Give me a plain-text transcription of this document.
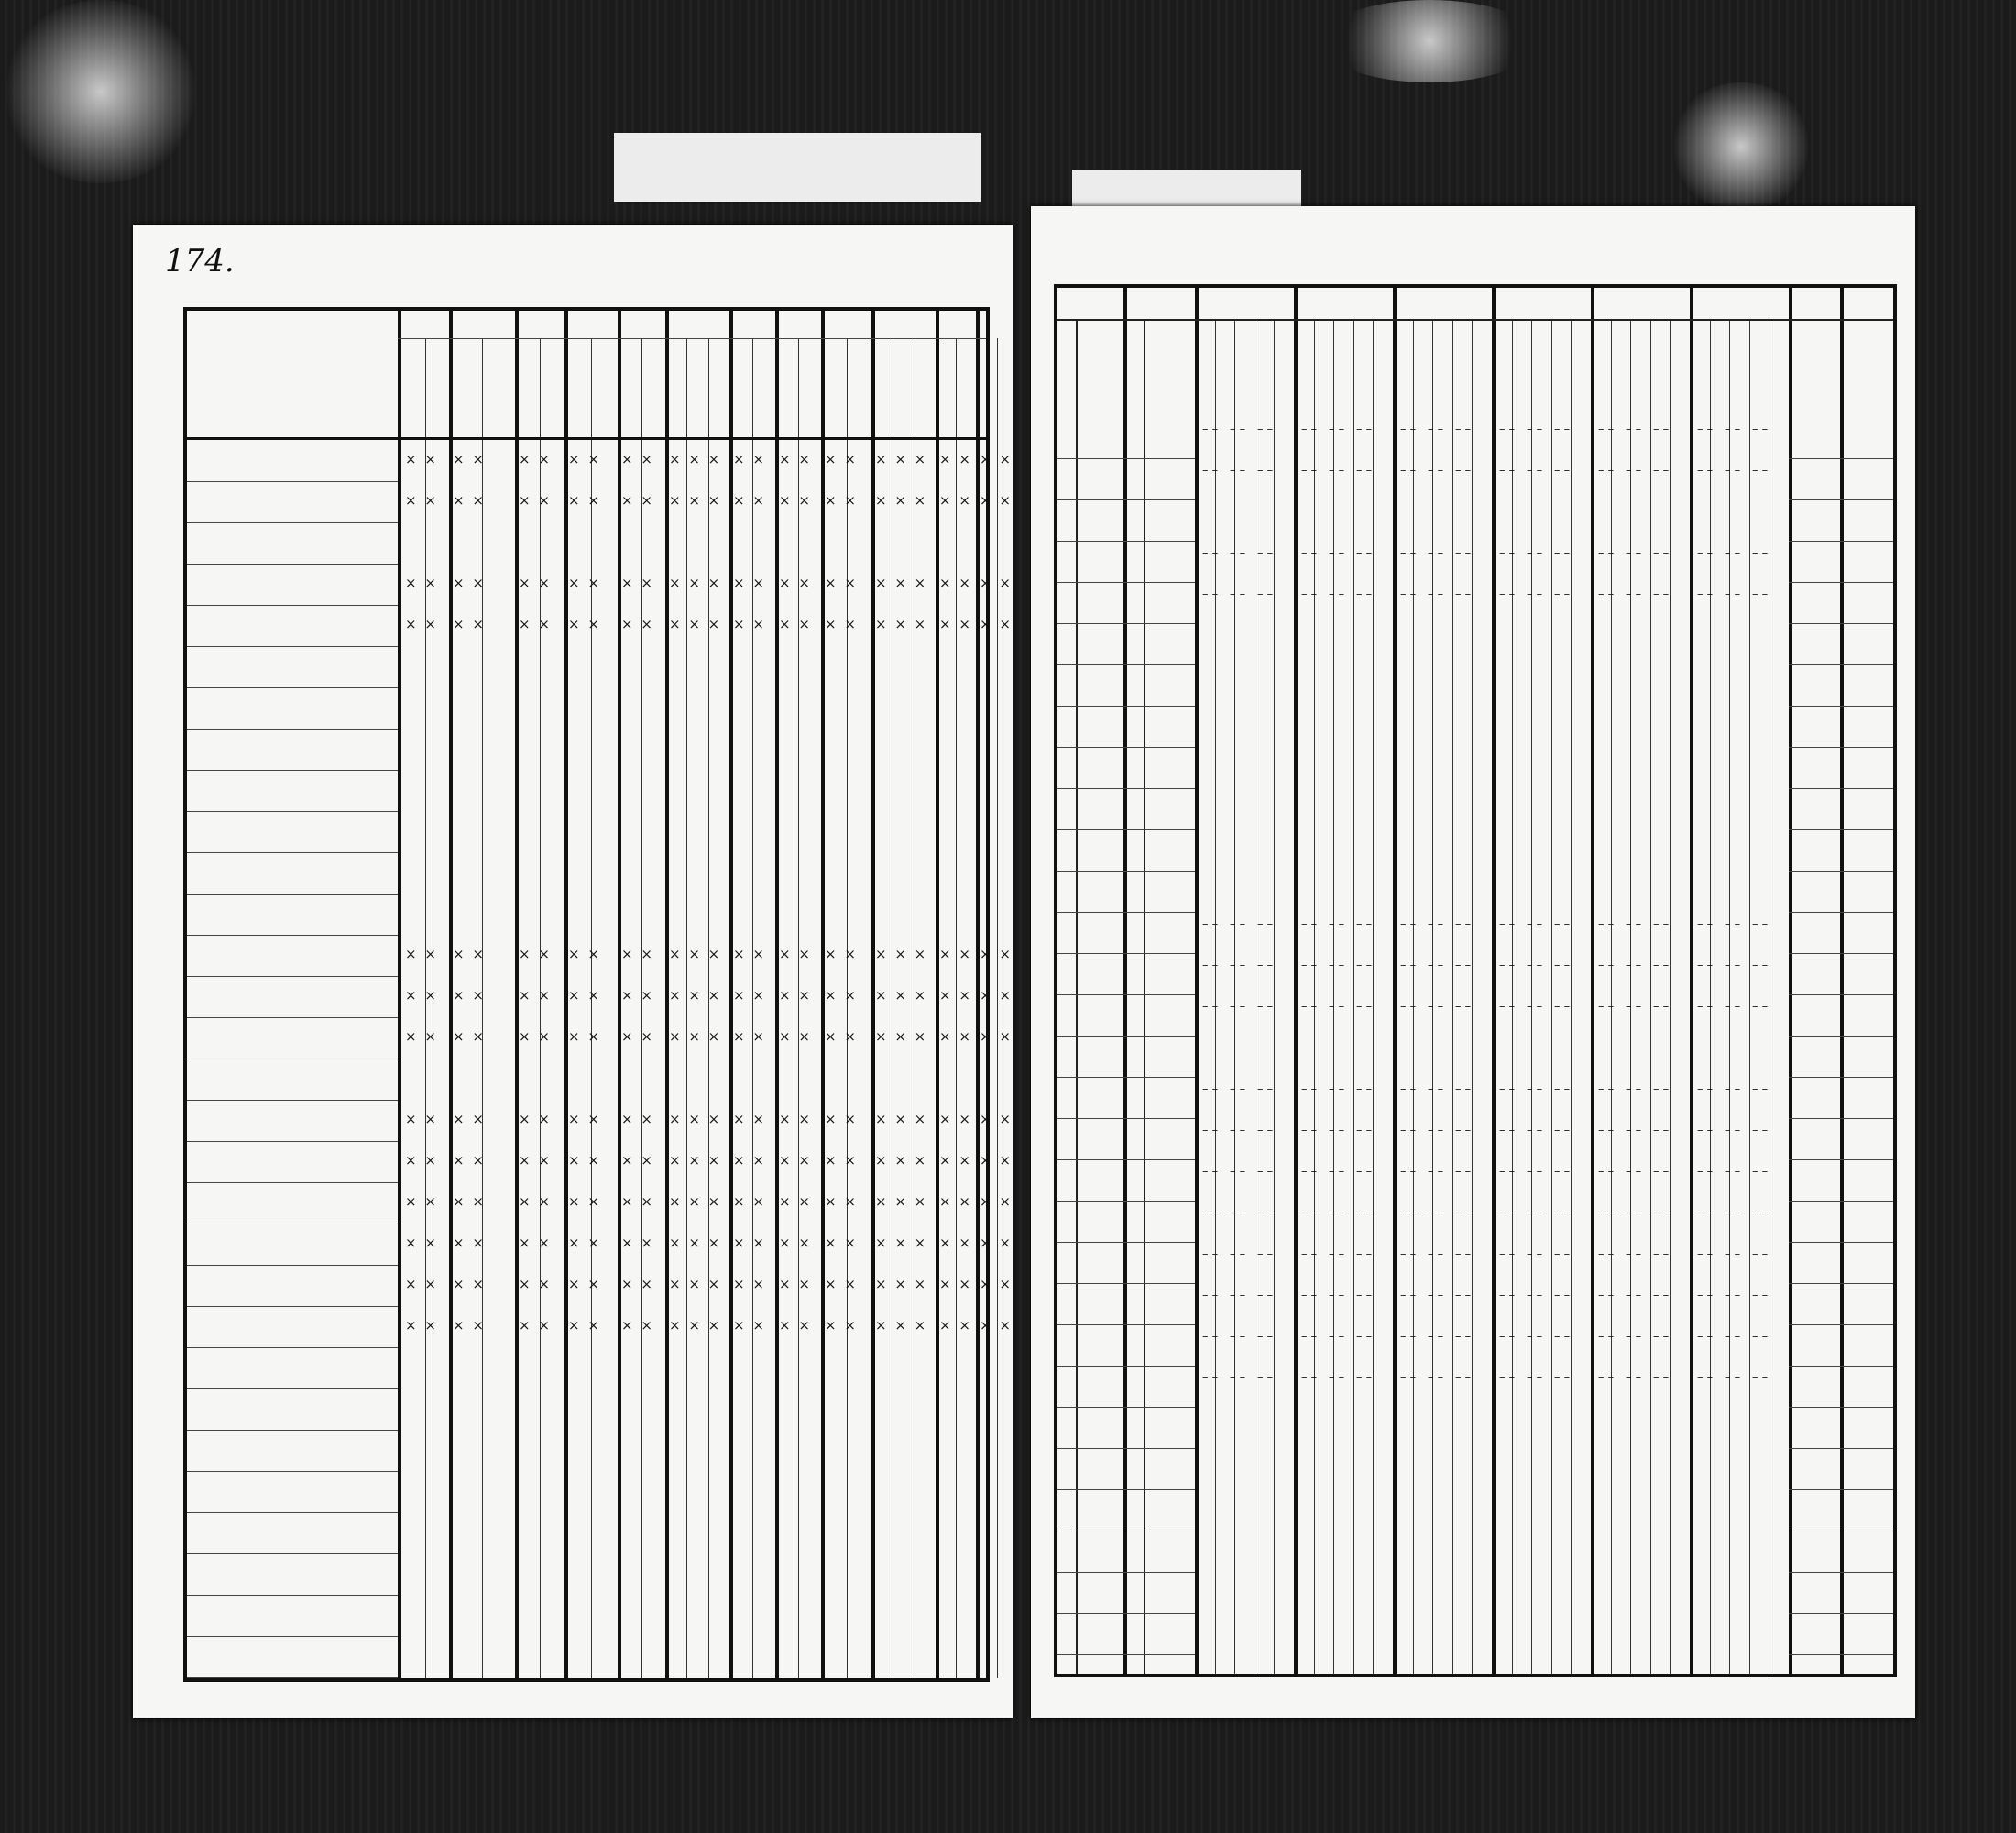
174.
× × × × × × × × × × × × × × × × × × × × × × × × × ×
× × × × × × × × × × × × × × × × × × × × × × × × × ×
× × × × × × × × × × × × × × × × × × × × × × × × × ×
× × × × × × × × × × × × × × × × × × × × × × × × × ×
× × × × × × × × × × × × × × × × × × × × × × × × × ×
× × × × × × × × × × × × × × × × × × × × × × × × × ×
× × × × × × × × × × × × × × × × × × × × × × × × × ×
× × × × × × × × × × × × × × × × × × × × × × × × × ×
× × × × × × × × × × × × × × × × × × × × × × × × × ×
× × × × × × × × × × × × × × × × × × × × × × × × × ×
× × × × × × × × × × × × × × × × × × × × × × × × × ×
× × × × × × × × × × × × × × × × × × × × × × × × × ×
× × × × × × × × × × × × × × × × × × × × × × × × × ×
– – – – – – – – – – – – – – – – – – – – – – – – – – – – – – – – – – – –
– – – – – – – – – – – – – – – – – – – – – – – – – – – – – – – – – – – –
– – – – – – – – – – – – – – – – – – – – – – – – – – – – – – – – – – – –
– – – – – – – – – – – – – – – – – – – – – – – – – – – – – – – – – – – –
– – – – – – – – – – – – – – – – – – – – – – – – – – – – – – – – – – – –
– – – – – – – – – – – – – – – – – – – – – – – – – – – – – – – – – – – –
– – – – – – – – – – – – – – – – – – – – – – – – – – – – – – – – – – – –
– – – – – – – – – – – – – – – – – – – – – – – – – – – – – – – – – – – –
– – – – – – – – – – – – – – – – – – – – – – – – – – – – – – – – – – – –
– – – – – – – – – – – – – – – – – – – – – – – – – – – – – – – – – – – –
– – – – – – – – – – – – – – – – – – – – – – – – – – – – – – – – – – – –
– – – – – – – – – – – – – – – – – – – – – – – – – – – – – – – – – – – –
– – – – – – – – – – – – – – – – – – – – – – – – – – – – – – – – – – – –
– – – – – – – – – – – – – – – – – – – – – – – – – – – – – – – – – – – –
– – – – – – – – – – – – – – – – – – – – – – – – – – – – – – – – – – – –
